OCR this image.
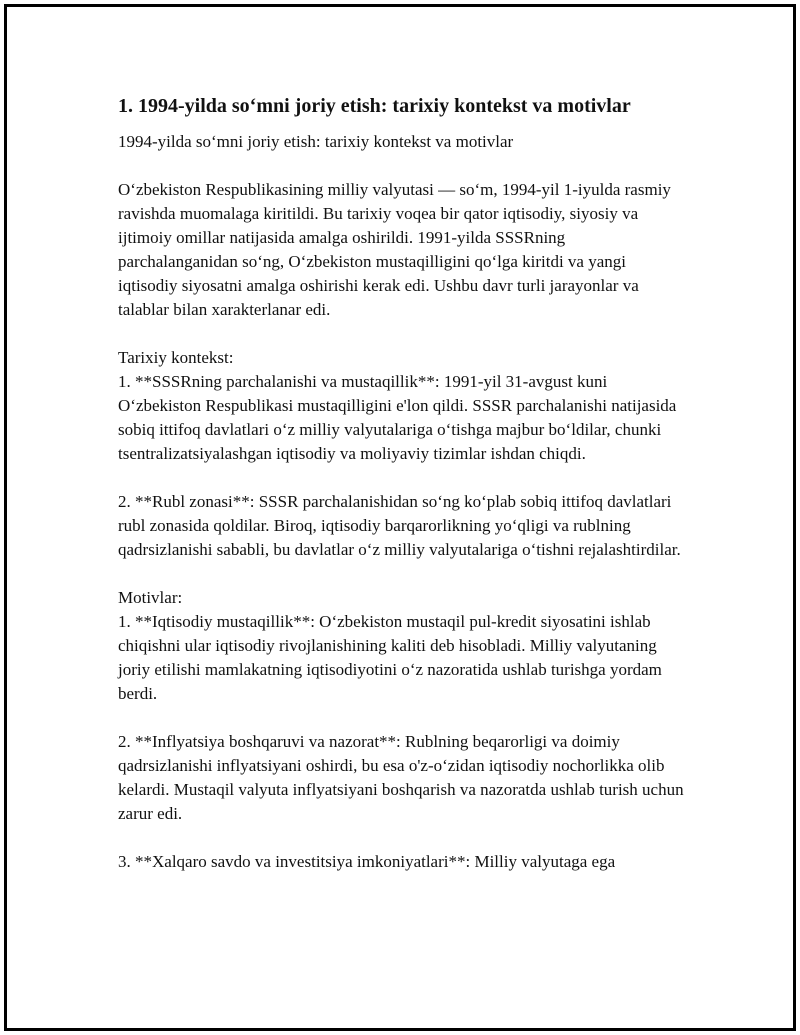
1. 1994-yilda so‘mni joriy etish: tarixiy kontekst va motivlar

1994-yilda so‘mni joriy etish: tarixiy kontekst va motivlar

O‘zbekiston Respublikasining milliy valyutasi — so‘m, 1994-yil 1-iyulda rasmiy ravishda muomalaga kiritildi. Bu tarixiy voqea bir qator iqtisodiy, siyosiy va ijtimoiy omillar natijasida amalga oshirildi. 1991-yilda SSSRning parchalanganidan so‘ng, O‘zbekiston mustaqilligini qo‘lga kiritdi va yangi iqtisodiy siyosatni amalga oshirishi kerak edi. Ushbu davr turli jarayonlar va talablar bilan xarakterlanar edi.

Tarixiy kontekst:

1. **SSSRning parchalanishi va mustaqillik**: 1991-yil 31-avgust kuni O‘zbekiston Respublikasi mustaqilligini e'lon qildi. SSSR parchalanishi natijasida sobiq ittifoq davlatlari o‘z milliy valyutalariga o‘tishga majbur bo‘ldilar, chunki tsentralizatsiyalashgan iqtisodiy va moliyaviy tizimlar ishdan chiqdi.

2. **Rubl zonasi**: SSSR parchalanishidan so‘ng ko‘plab sobiq ittifoq davlatlari rubl zonasida qoldilar. Biroq, iqtisodiy barqarorlikning yo‘qligi va rublning qadrsizlanishi sababli, bu davlatlar o‘z milliy valyutalariga o‘tishni rejalashtirdilar.

Motivlar:

1. **Iqtisodiy mustaqillik**: O‘zbekiston mustaqil pul-kredit siyosatini ishlab chiqishni ular iqtisodiy rivojlanishining kaliti deb hisobladi. Milliy valyutaning joriy etilishi mamlakatning iqtisodiyotini o‘z nazoratida ushlab turishga yordam berdi.

2. **Inflyatsiya boshqaruvi va nazorat**: Rublning beqarorligi va doimiy qadrsizlanishi inflyatsiyani oshirdi, bu esa o'z-o‘zidan iqtisodiy nochorlikka olib kelardi. Mustaqil valyuta inflyatsiyani boshqarish va nazoratda ushlab turish uchun zarur edi.

3. **Xalqaro savdo va investitsiya imkoniyatlari**: Milliy valyutaga ega
